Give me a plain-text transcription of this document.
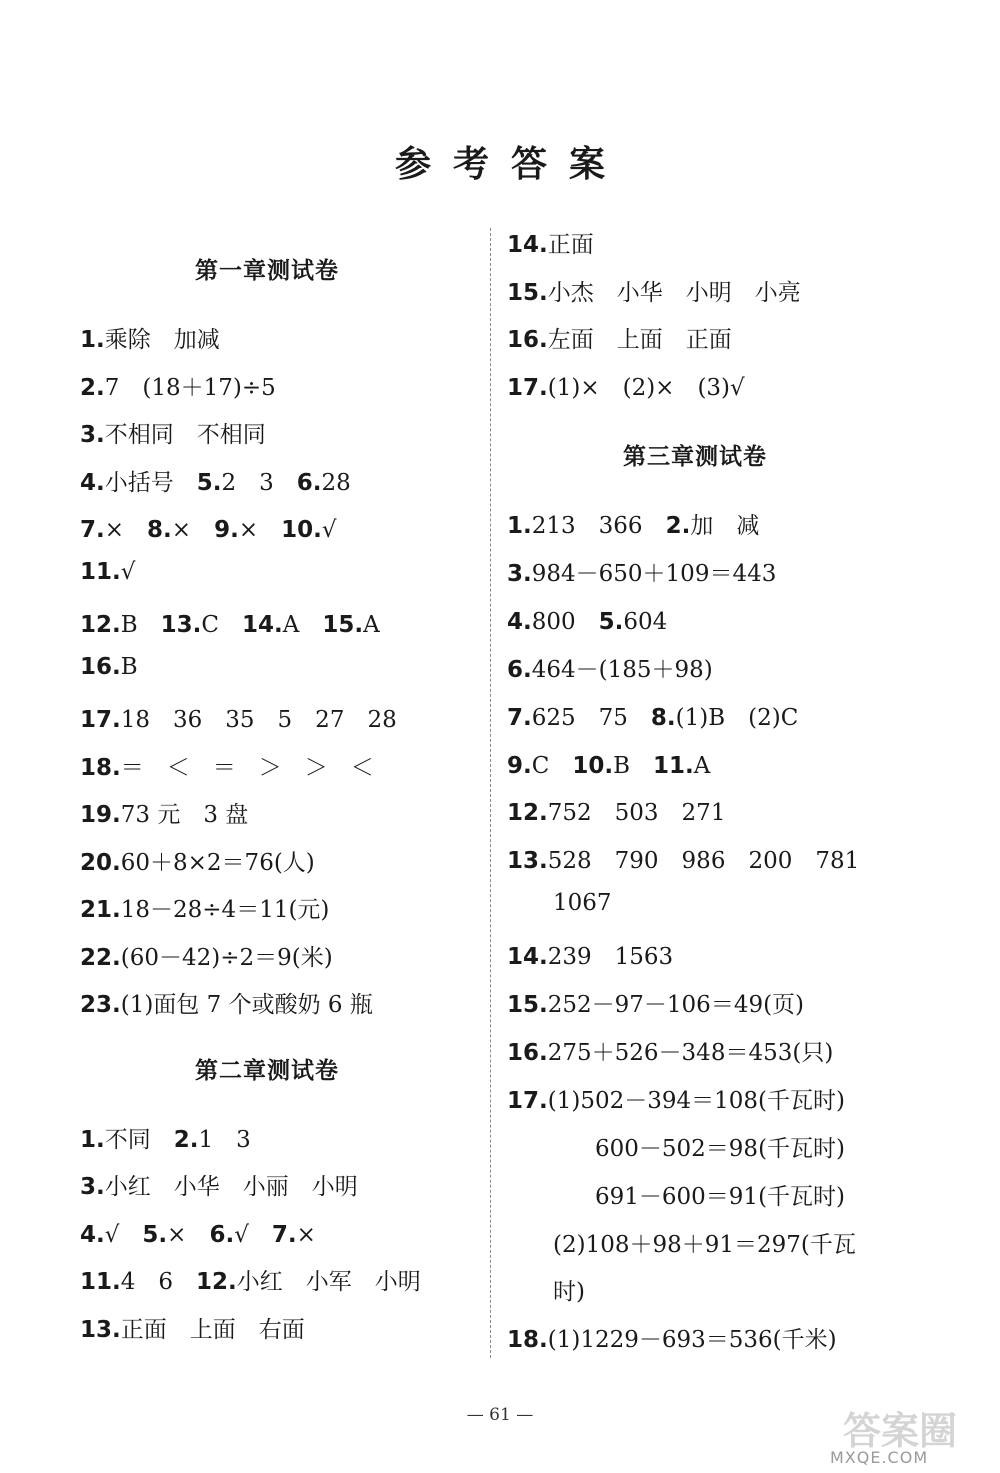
参考答案
第一章测试卷
1.乘除　加减
2.7　(18＋17)÷5
3.不相同　不相同
4.小括号　5.2　3　6.28
7.×　8.×　9.×　10.√
11.√
12.B　13.C　14.A　15.A
16.B
17.18　36　35　5　27　28
18.＝　＜　＝　＞　＞　＜
19.73 元　3 盘
20.60＋8×2＝76(人)
21.18－28÷4＝11(元)
22.(60－42)÷2＝9(米)
23.(1)面包 7 个或酸奶 6 瓶
第二章测试卷
1.不同　2.1　3
3.小红　小华　小丽　小明
4.√　5.×　6.√　7.×
11.4　6　12.小红　小军　小明
13.正面　上面　右面
14.正面
15.小杰　小华　小明　小亮
16.左面　上面　正面
17.(1)×　(2)×　(3)√
第三章测试卷
1.213　366　2.加　减
3.984－650＋109＝443
4.800　5.604
6.464－(185＋98)
7.625　75　8.(1)B　(2)C
9.C　10.B　11.A
12.752　503　271
13.528　790　986　200　781
1067
14.239　1563
15.252－97－106＝49(页)
16.275＋526－348＝453(只)
17.(1)502－394＝108(千瓦时)
600－502＝98(千瓦时)
691－600＝91(千瓦时)
(2)108＋98＋91＝297(千瓦
时)
18.(1)1229－693＝536(千米)
— 61 —	答案圈
MXQE.COM
